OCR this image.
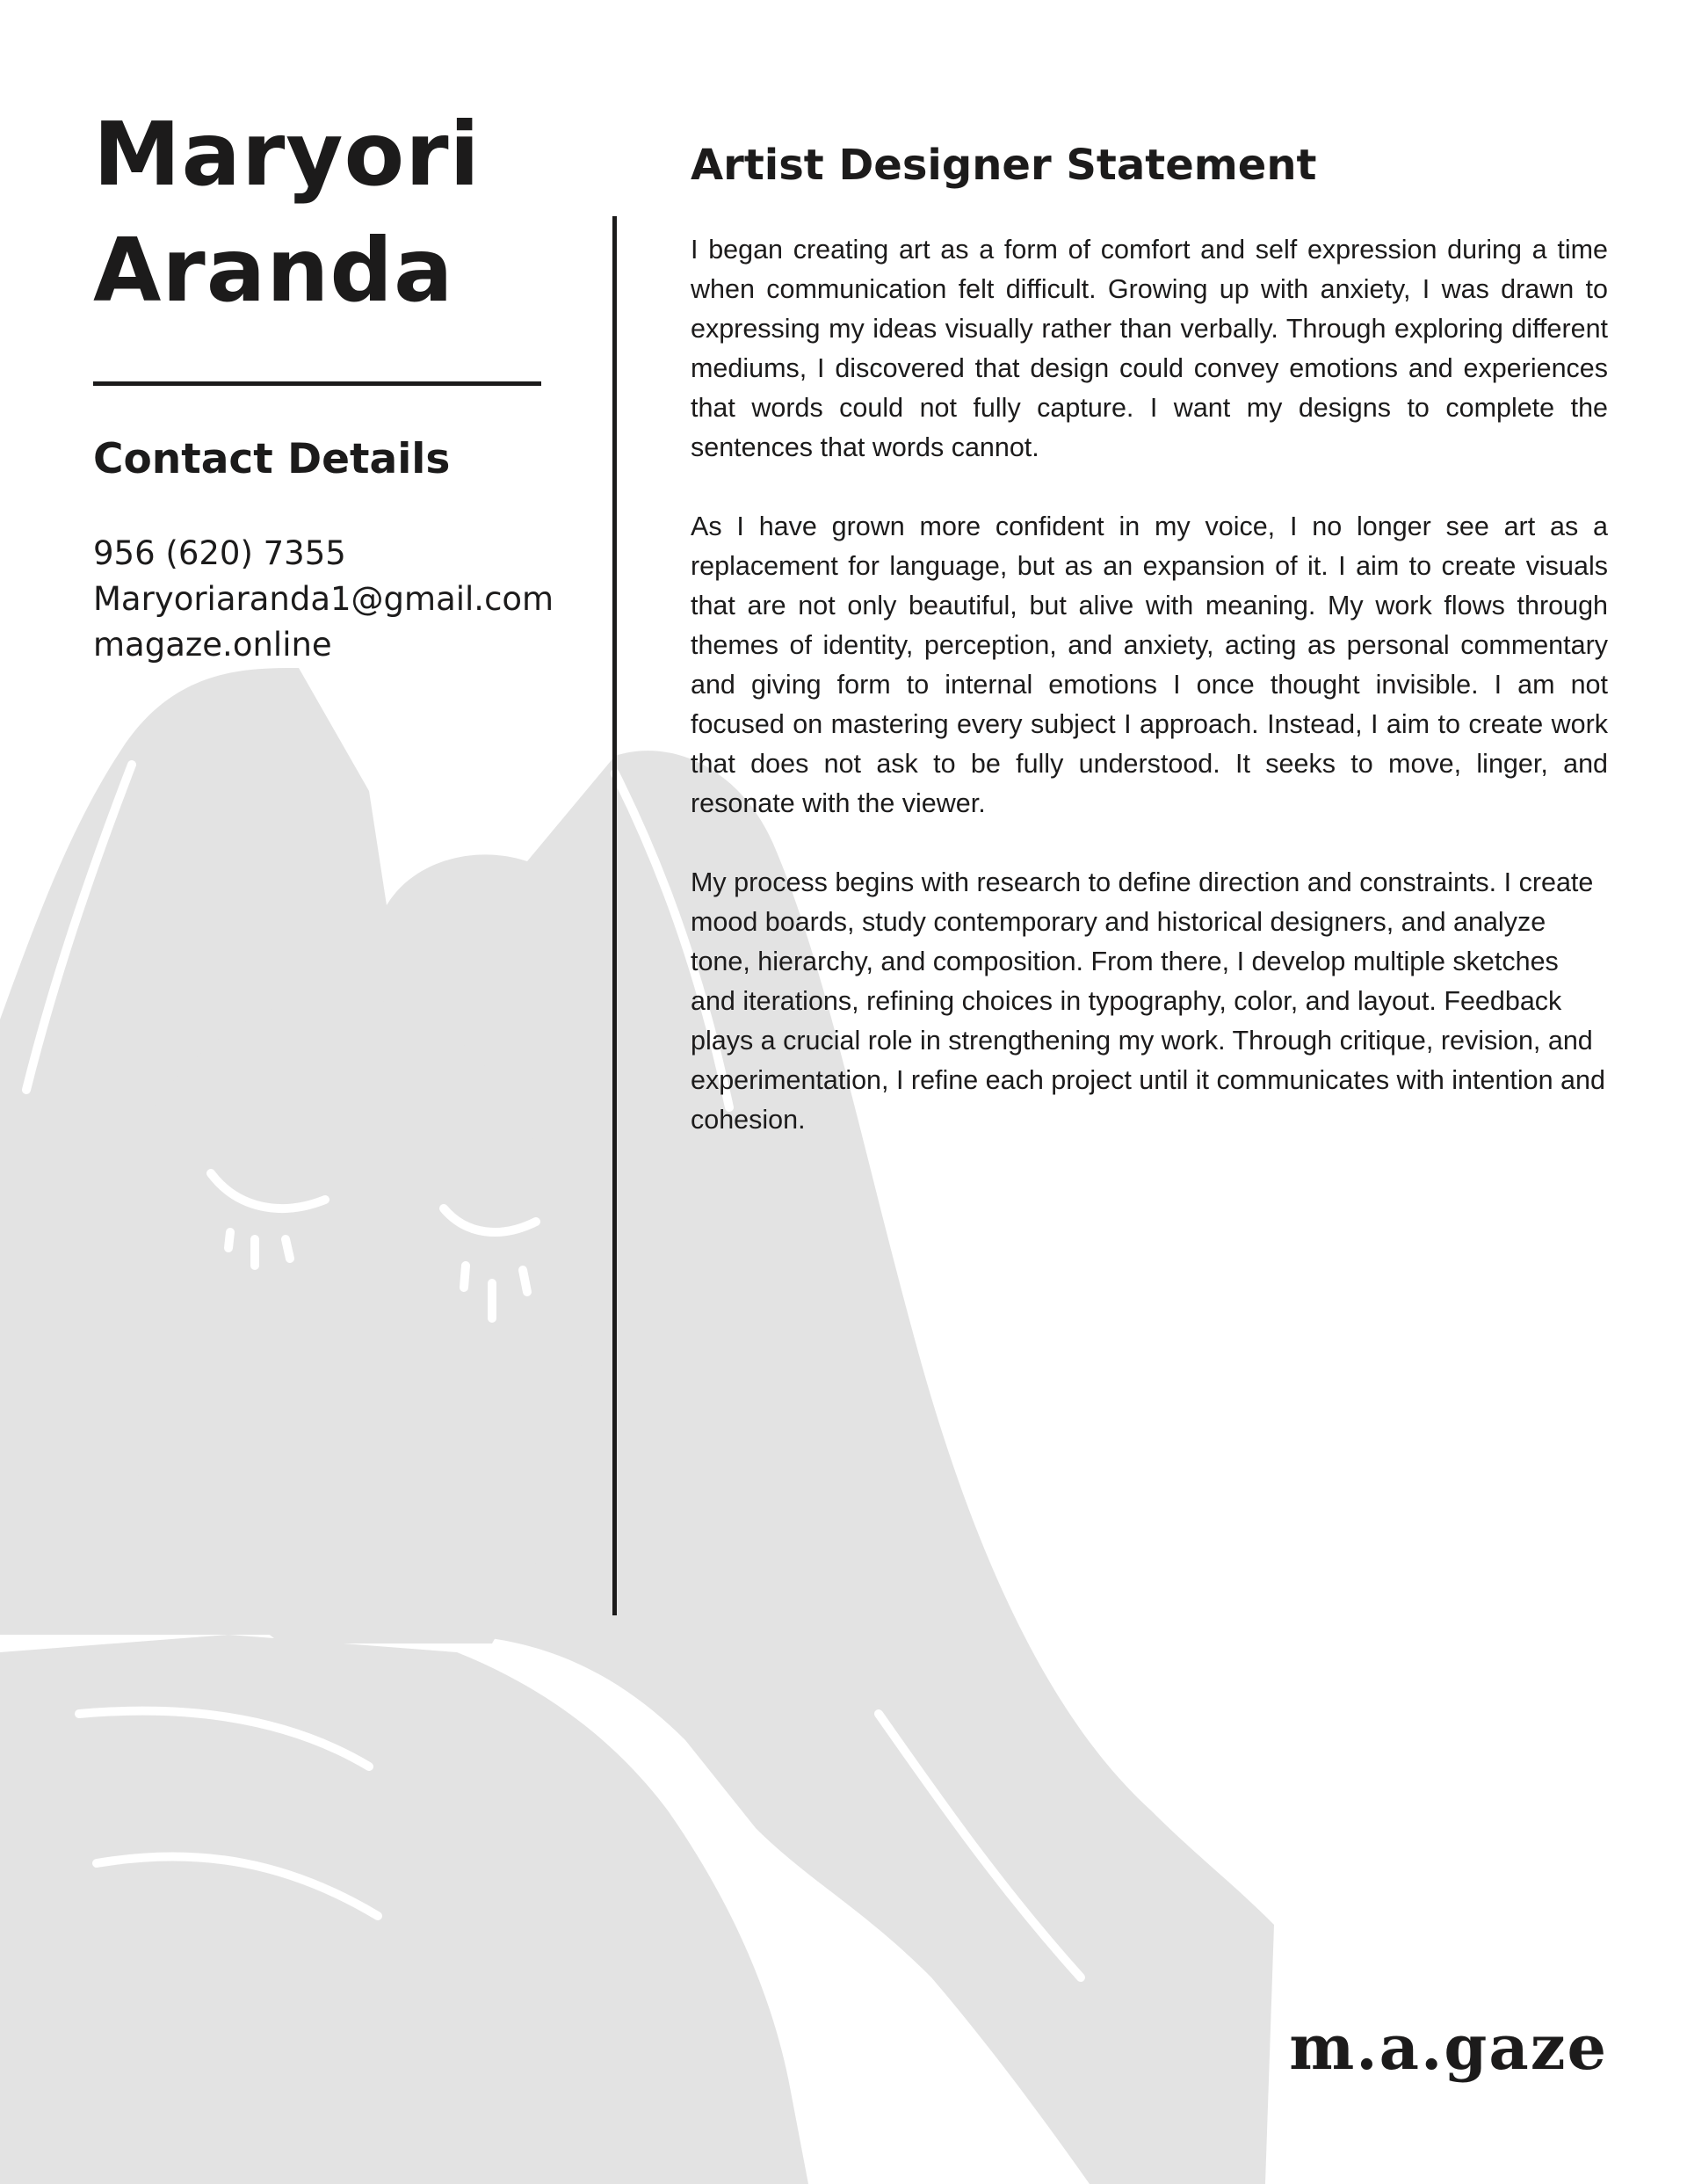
Maryori
Aranda
Contact Details
956 (620) 7355
Maryoriaranda1@gmail.com
magaze.online
Artist Designer Statement

I began creating art as a form of comfort and self expression during a time when communication felt difficult. Growing up with anxiety, I was drawn to expressing my ideas visually rather than verbally. Through exploring different mediums, I discovered that design could convey emotions and experiences that words could not fully capture. I want my designs to complete the sentences that words cannot.

As I have grown more confident in my voice, I no longer see art as a replacement for language, but as an expansion of it. I aim to create visuals that are not only beautiful, but alive with meaning. My work flows through themes of identity, perception, and anxiety, acting as personal commentary and giving form to internal emotions I once thought invisible. I am not focused on mastering every subject I approach. Instead, I aim to create work that does not ask to be fully understood. It seeks to move, linger, and resonate with the viewer.

My process begins with research to define direction and constraints. I create mood boards, study contemporary and historical designers, and analyze tone, hierarchy, and composition. From there, I develop multiple sketches and iterations, refining choices in typography, color, and layout. Feedback plays a crucial role in strengthening my work. Through critique, revision, and experimentation, I refine each project until it communicates with intention and cohesion.

m.a.gaze
